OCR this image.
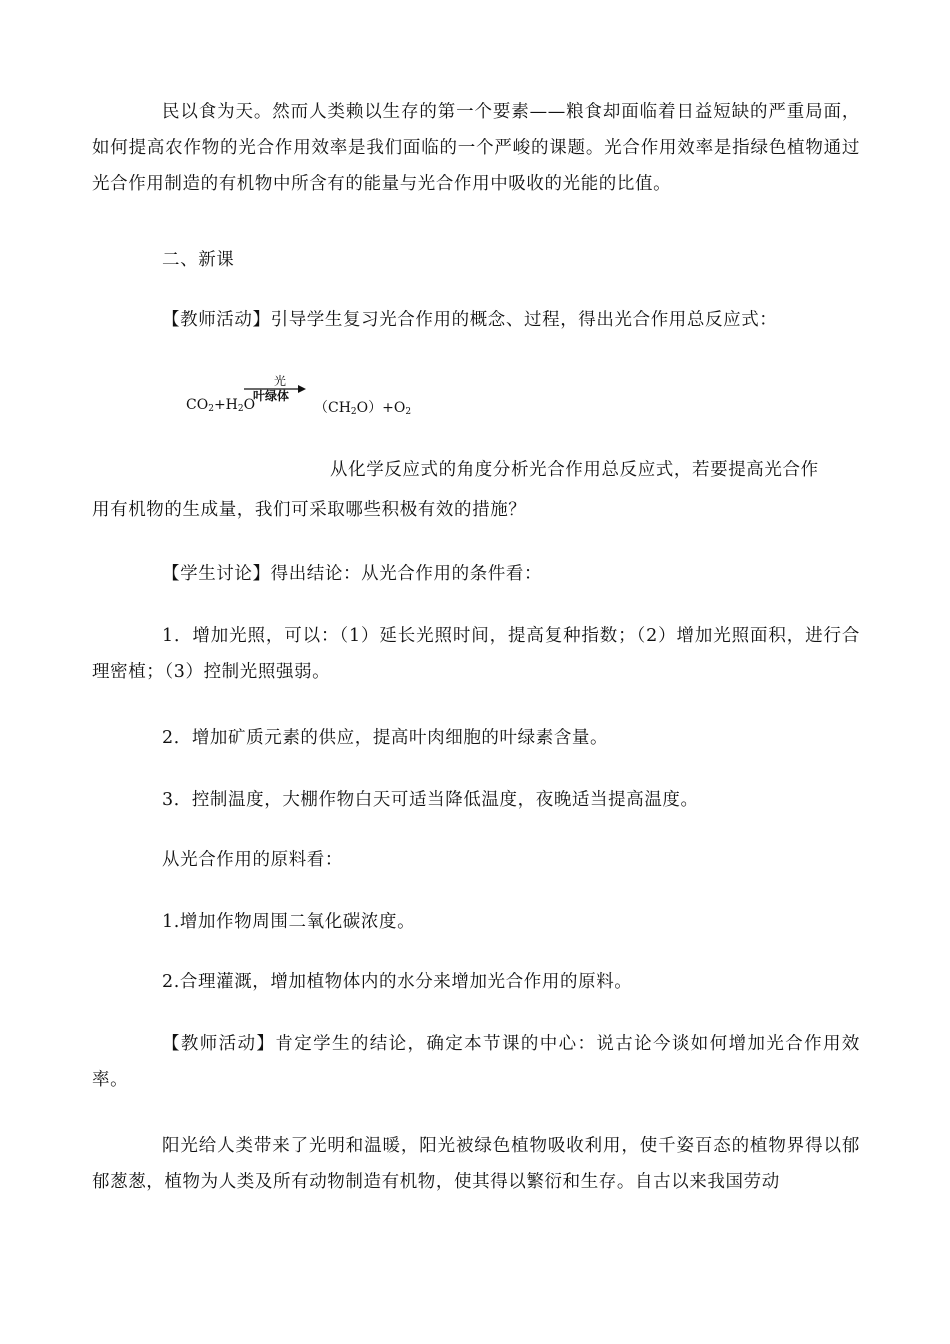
民以食为天。然而人类赖以生存的第一个要素——粮食却面临着日益短缺的严重局面，如何提高农作物的光合作用效率是我们面临的一个严峻的课题。光合作用效率是指绿色植物通过光合作用制造的有机物中所含有的能量与光合作用中吸收的光能的比值。

二、新课

【教师活动】引导学生复习光合作用的概念、过程，得出光合作用总反应式：

$CO_2+H_2O$
光
叶绿体
$(CH_2O)+O_2$

从化学反应式的角度分析光合作用总反应式，若要提高光合作

用有机物的生成量，我们可采取哪些积极有效的措施？

【学生讨论】得出结论：从光合作用的条件看：

1．增加光照，可以：（1）延长光照时间，提高复种指数；（2）增加光照面积，进行合理密植；（3）控制光照强弱。

2．增加矿质元素的供应，提高叶肉细胞的叶绿素含量。

3．控制温度，大棚作物白天可适当降低温度，夜晚适当提高温度。

从光合作用的原料看：

1.增加作物周围二氧化碳浓度。

2.合理灌溉，增加植物体内的水分来增加光合作用的原料。

【教师活动】肯定学生的结论，确定本节课的中心：说古论今谈如何增加光合作用效率。

阳光给人类带来了光明和温暖，阳光被绿色植物吸收利用，使千姿百态的植物界得以郁郁葱葱，植物为人类及所有动物制造有机物，使其得以繁衍和生存。自古以来我国劳动
